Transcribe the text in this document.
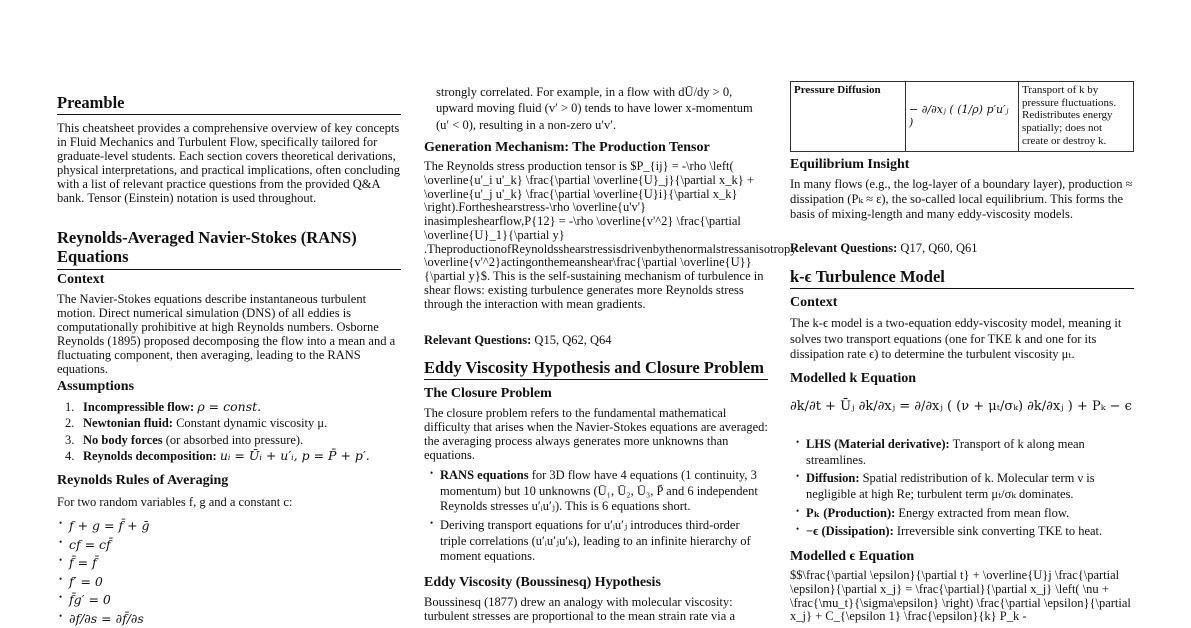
Preamble

This cheatsheet provides a comprehensive overview of key concepts in Fluid Mechanics and Turbulent Flow, specifically tailored for graduate-level students. Each section covers theoretical derivations, physical interpretations, and practical implications, often concluding with a list of relevant practice questions from the provided Q&A bank. Tensor (Einstein) notation is used throughout.

Reynolds-Averaged Navier-Stokes (RANS) Equations
Context

The Navier-Stokes equations describe instantaneous turbulent motion. Direct numerical simulation (DNS) of all eddies is computationally prohibitive at high Reynolds numbers. Osborne Reynolds (1895) proposed decomposing the flow into a mean and a fluctuating component, then averaging, leading to the RANS equations.

Assumptions
1. Incompressible flow: ρ = const.
2. Newtonian fluid: Constant dynamic viscosity μ.
3. No body forces (or absorbed into pressure).
4. Reynolds decomposition: uᵢ = Ūᵢ + u′ᵢ, p = P̄ + p′.
Reynolds Rules of Averaging

For two random variables f, g and a constant c:

• f + g = f̄ + ḡ
• cf = cf̄
• f̄ = f̄
• f′ = 0
• f̄g′ = 0
• ∂f/∂s = ∂f̄/∂s

strongly correlated. For example, in a flow with dŪ/dy > 0, upward moving fluid (v′ > 0) tends to have lower x-momentum (u′ < 0), resulting in a non-zero u′v′.

Generation Mechanism: The Production Tensor

The Reynolds stress production tensor is $P_{ij} = -\rho \left( \overline{u'_i u'_k} \frac{\partial \overline{U}_j}{\partial x_k} + \overline{u'_j u'_k} \frac{\partial \overline{U}i}{\partial x_k} \right).Fortheshearstress-\rho \overline{u'v'} inasimpleshearflow,P{12} = -\rho \overline{v'^2} \frac{\partial \overline{U}_1}{\partial y} .TheproductionofReynoldsshearstressisdrivenbythenormalstressanisotropy \overline{v'^2}actingonthemeanshear\frac{\partial \overline{U}}{\partial y}$. This is the self-sustaining mechanism of turbulence in shear flows: existing turbulence generates more Reynolds stress through the interaction with mean gradients.

Relevant Questions: Q15, Q62, Q64

Eddy Viscosity Hypothesis and Closure Problem
The Closure Problem

The closure problem refers to the fundamental mathematical difficulty that arises when the Navier-Stokes equations are averaged: the averaging process always generates more unknowns than equations.

• RANS equations for 3D flow have 4 equations (1 continuity, 3 momentum) but 10 unknowns (Ū₁, Ū₂, Ū₃, P̄ and 6 independent Reynolds stresses u′ᵢu′ⱼ). This is 6 equations short.
• Deriving transport equations for u′ᵢu′ⱼ introduces third-order triple correlations (u′ᵢu′ⱼu′ₖ), leading to an infinite hierarchy of moment equations.
Eddy Viscosity (Boussinesq) Hypothesis

Boussinesq (1877) drew an analogy with molecular viscosity: turbulent stresses are proportional to the mean strain rate via a

Pressure Diffusion	− ∂/∂xⱼ ( (1/ρ) p′u′ⱼ )	Transport of k by pressure fluctuations. Redistributes energy spatially; does not create or destroy k.
Equilibrium Insight

In many flows (e.g., the log-layer of a boundary layer), production ≈ dissipation (Pₖ ≈ ε), the so-called local equilibrium. This forms the basis of mixing-length and many eddy-viscosity models.

Relevant Questions: Q17, Q60, Q61

k-ϵ Turbulence Model
Context

The k-ϵ model is a two-equation eddy-viscosity model, meaning it solves two transport equations (one for TKE k and one for its dissipation rate ϵ) to determine the turbulent viscosity μₜ.

Modelled k Equation

∂k/∂t + Ūⱼ ∂k/∂xⱼ = ∂/∂xⱼ ( (ν + μₜ/σₖ) ∂k/∂xⱼ ) + Pₖ − ϵ

• LHS (Material derivative): Transport of k along mean streamlines.
• Diffusion: Spatial redistribution of k. Molecular term ν is negligible at high Re; turbulent term μₜ/σₖ dominates.
• Pₖ (Production): Energy extracted from mean flow.
• −ϵ (Dissipation): Irreversible sink converting TKE to heat.
Modelled ϵ Equation

$$\frac{\partial \epsilon}{\partial t} + \overline{U}j \frac{\partial \epsilon}{\partial x_j} = \frac{\partial}{\partial x_j} \left( \nu + \frac{\mu_t}{\sigma\epsilon} \right) \frac{\partial \epsilon}{\partial x_j} + C_{\epsilon 1} \frac{\epsilon}{k} P_k -
